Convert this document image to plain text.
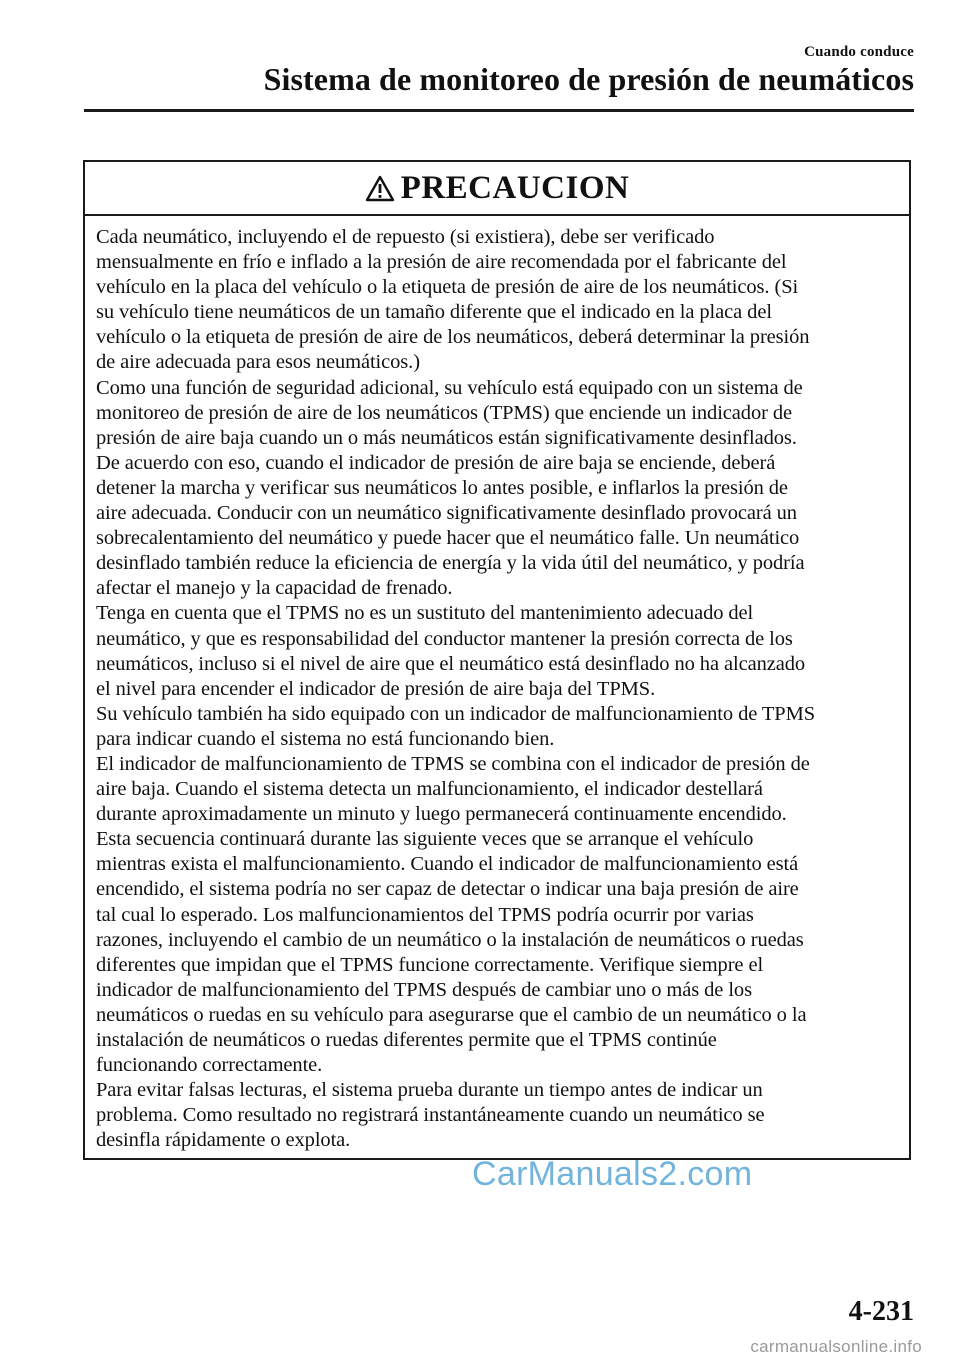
Cuando conduce
Sistema de monitoreo de presión de neumáticos
PRECAUCION
Cada neumático, incluyendo el de repuesto (si existiera), debe ser verificado
mensualmente en frío e inflado a la presión de aire recomendada por el fabricante del
vehículo en la placa del vehículo o la etiqueta de presión de aire de los neumáticos. (Si
su vehículo tiene neumáticos de un tamaño diferente que el indicado en la placa del
vehículo o la etiqueta de presión de aire de los neumáticos, deberá determinar la presión
de aire adecuada para esos neumáticos.)
Como una función de seguridad adicional, su vehículo está equipado con un sistema de
monitoreo de presión de aire de los neumáticos (TPMS) que enciende un indicador de
presión de aire baja cuando un o más neumáticos están significativamente desinflados.
De acuerdo con eso, cuando el indicador de presión de aire baja se enciende, deberá
detener la marcha y verificar sus neumáticos lo antes posible, e inflarlos la presión de
aire adecuada. Conducir con un neumático significativamente desinflado provocará un
sobrecalentamiento del neumático y puede hacer que el neumático falle. Un neumático
desinflado también reduce la eficiencia de energía y la vida útil del neumático, y podría
afectar el manejo y la capacidad de frenado.
Tenga en cuenta que el TPMS no es un sustituto del mantenimiento adecuado del
neumático, y que es responsabilidad del conductor mantener la presión correcta de los
neumáticos, incluso si el nivel de aire que el neumático está desinflado no ha alcanzado
el nivel para encender el indicador de presión de aire baja del TPMS.
Su vehículo también ha sido equipado con un indicador de malfuncionamiento de TPMS
para indicar cuando el sistema no está funcionando bien.
El indicador de malfuncionamiento de TPMS se combina con el indicador de presión de
aire baja. Cuando el sistema detecta un malfuncionamiento, el indicador destellará
durante aproximadamente un minuto y luego permanecerá continuamente encendido.
Esta secuencia continuará durante las siguiente veces que se arranque el vehículo
mientras exista el malfuncionamiento. Cuando el indicador de malfuncionamiento está
encendido, el sistema podría no ser capaz de detectar o indicar una baja presión de aire
tal cual lo esperado. Los malfuncionamientos del TPMS podría ocurrir por varias
razones, incluyendo el cambio de un neumático o la instalación de neumáticos o ruedas
diferentes que impidan que el TPMS funcione correctamente. Verifique siempre el
indicador de malfuncionamiento del TPMS después de cambiar uno o más de los
neumáticos o ruedas en su vehículo para asegurarse que el cambio de un neumático o la
instalación de neumáticos o ruedas diferentes permite que el TPMS continúe
funcionando correctamente.
Para evitar falsas lecturas, el sistema prueba durante un tiempo antes de indicar un
problema. Como resultado no registrará instantáneamente cuando un neumático se
desinfla rápidamente o explota.
CarManuals2.com
4-231
carmanualsonline.info
